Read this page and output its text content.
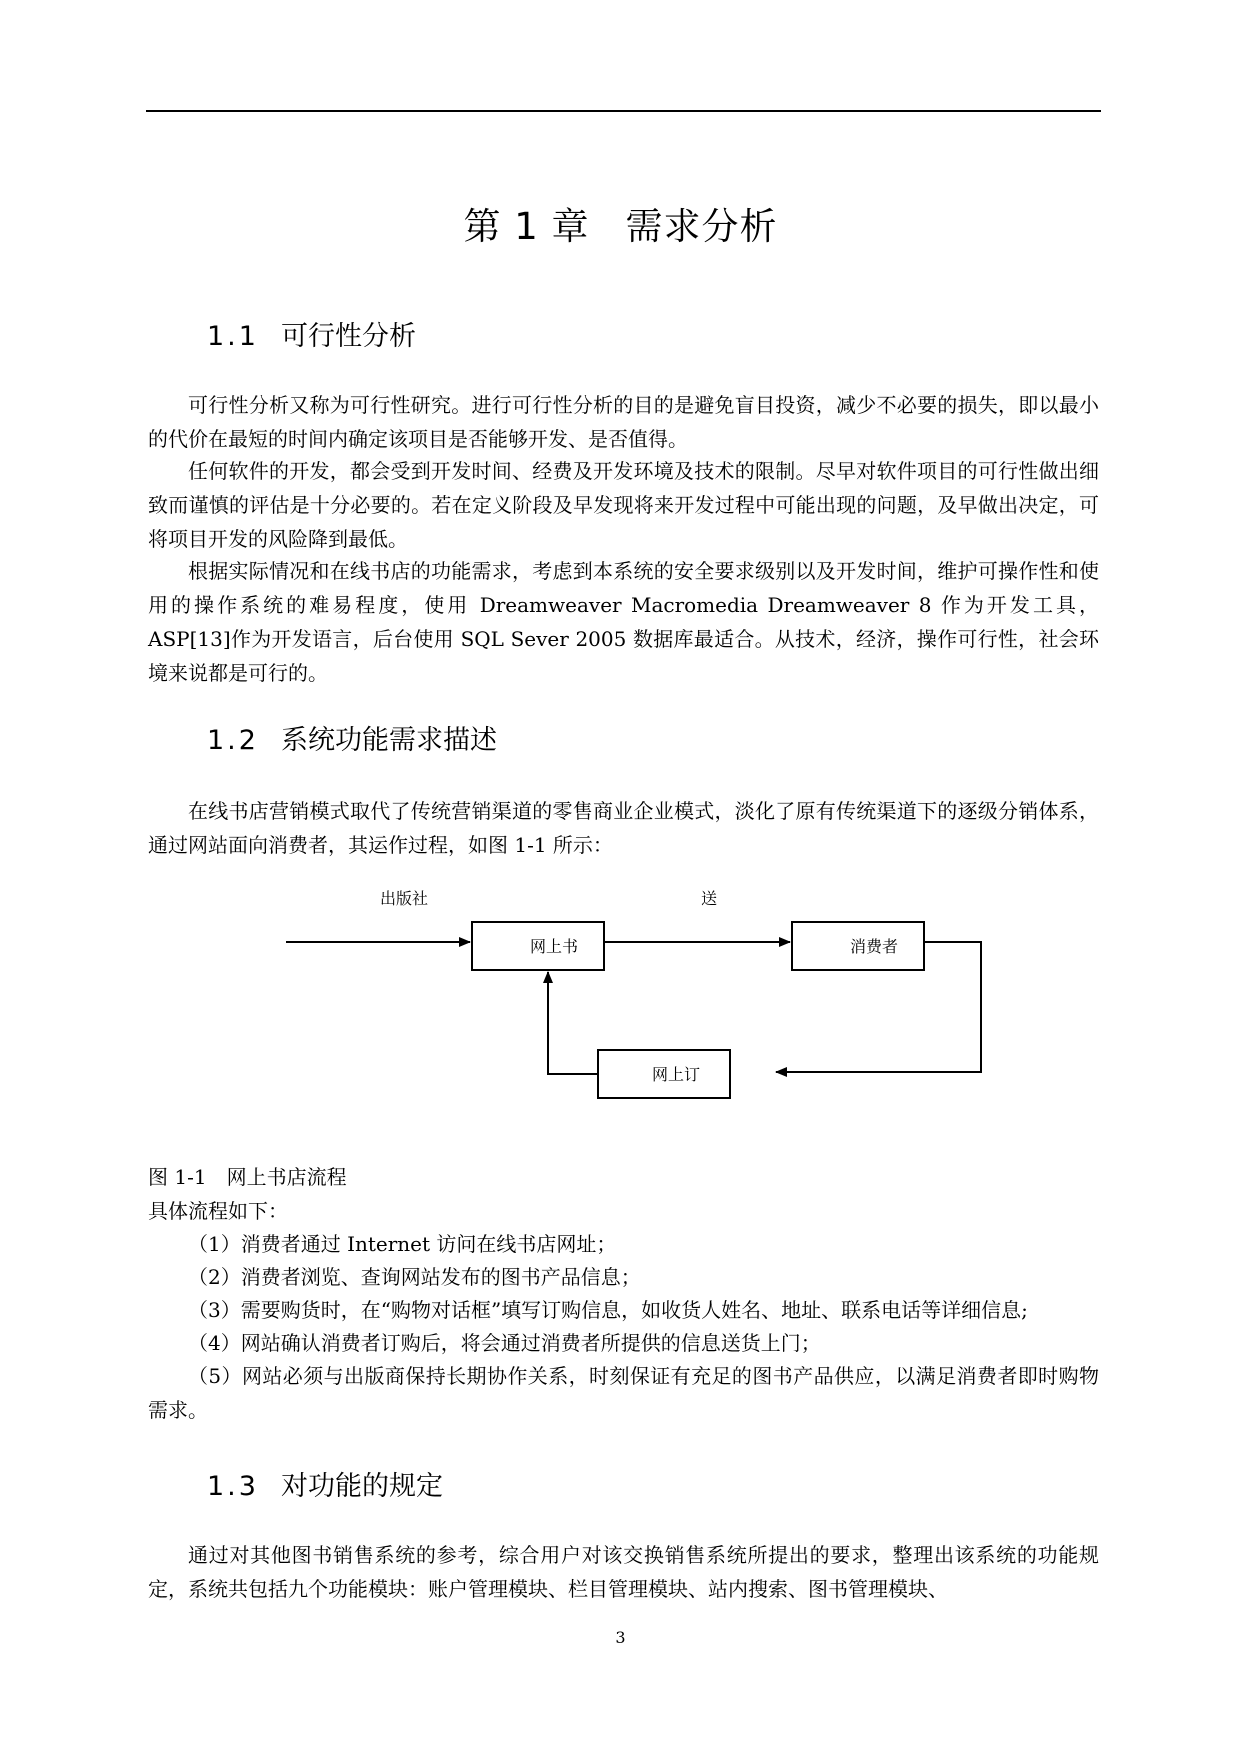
第 1 章 需求分析
1.1 可行性分析
可行性分析又称为可行性研究。进行可行性分析的目的是避免盲目投资，减少不必要的损失，即以最小的代价在最短的时间内确定该项目是否能够开发、是否值得。
任何软件的开发，都会受到开发时间、经费及开发环境及技术的限制。尽早对软件项目的可行性做出细致而谨慎的评估是十分必要的。若在定义阶段及早发现将来开发过程中可能出现的问题，及早做出决定，可将项目开发的风险降到最低。
根据实际情况和在线书店的功能需求，考虑到本系统的安全要求级别以及开发时间，维护可操作性和使用的操作系统的难易程度，使用 Dreamweaver Macromedia Dreamweaver 8 作为开发工具，ASP[13]作为开发语言，后台使用 SQL Sever 2005 数据库最适合。从技术，经济，操作可行性，社会环境来说都是可行的。
1.2 系统功能需求描述
在线书店营销模式取代了传统营销渠道的零售商业企业模式，淡化了原有传统渠道下的逐级分销体系，通过网站面向消费者，其运作过程，如图 1-1 所示：
出版社	送
网上书	消费者
网上订
图 1-1　网上书店流程
具体流程如下：
（1）消费者通过 Internet 访问在线书店网址；
（2）消费者浏览、查询网站发布的图书产品信息；
（3）需要购货时，在“购物对话框”填写订购信息，如收货人姓名、地址、联系电话等详细信息;
（4）网站确认消费者订购后，将会通过消费者所提供的信息送货上门；
（5）网站必须与出版商保持长期协作关系，时刻保证有充足的图书产品供应，以满足消费者即时购物需求。
1.3 对功能的规定
通过对其他图书销售系统的参考，综合用户对该交换销售系统所提出的要求，整理出该系统的功能规定，系统共包括九个功能模块：账户管理模块、栏目管理模块、站内搜索、图书管理模块、
3
